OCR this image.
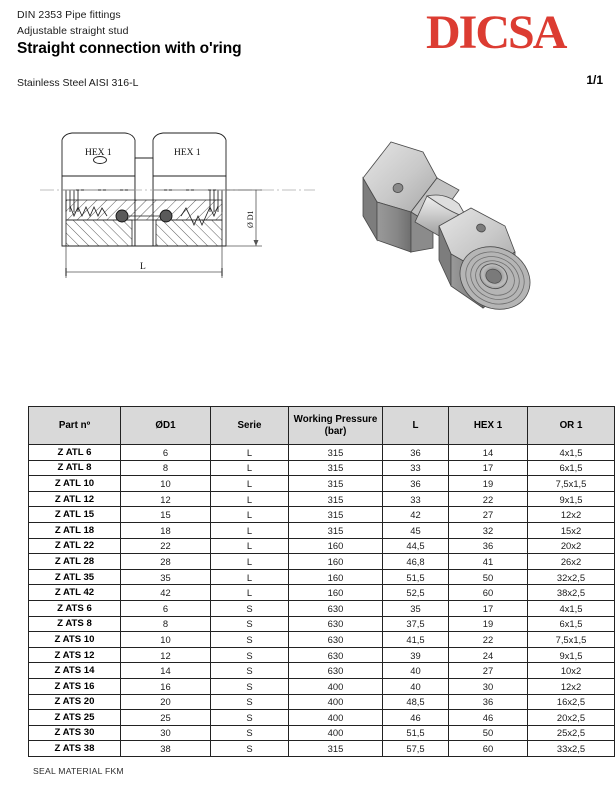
DIN 2353 Pipe fittings
Adjustable straight stud
Straight connection with o'ring
Stainless Steel AISI 316-L	1/1
DICSA
HEX 1	HEX 1
Ø D1
L
Part nº	ØD1	Serie	Working Pressure (bar)	L	HEX 1	OR 1
Z ATL 6	6	L	315	36	14	4x1,5
Z ATL 8	8	L	315	33	17	6x1,5
Z ATL 10	10	L	315	36	19	7,5x1,5
Z ATL 12	12	L	315	33	22	9x1,5
Z ATL 15	15	L	315	42	27	12x2
Z ATL 18	18	L	315	45	32	15x2
Z ATL 22	22	L	160	44,5	36	20x2
Z ATL 28	28	L	160	46,8	41	26x2
Z ATL 35	35	L	160	51,5	50	32x2,5
Z ATL 42	42	L	160	52,5	60	38x2,5
Z ATS 6	6	S	630	35	17	4x1,5
Z ATS 8	8	S	630	37,5	19	6x1,5
Z ATS 10	10	S	630	41,5	22	7,5x1,5
Z ATS 12	12	S	630	39	24	9x1,5
Z ATS 14	14	S	630	40	27	10x2
Z ATS 16	16	S	400	40	30	12x2
Z ATS 20	20	S	400	48,5	36	16x2,5
Z ATS 25	25	S	400	46	46	20x2,5
Z ATS 30	30	S	400	51,5	50	25x2,5
Z ATS 38	38	S	315	57,5	60	33x2,5
SEAL MATERIAL FKM
